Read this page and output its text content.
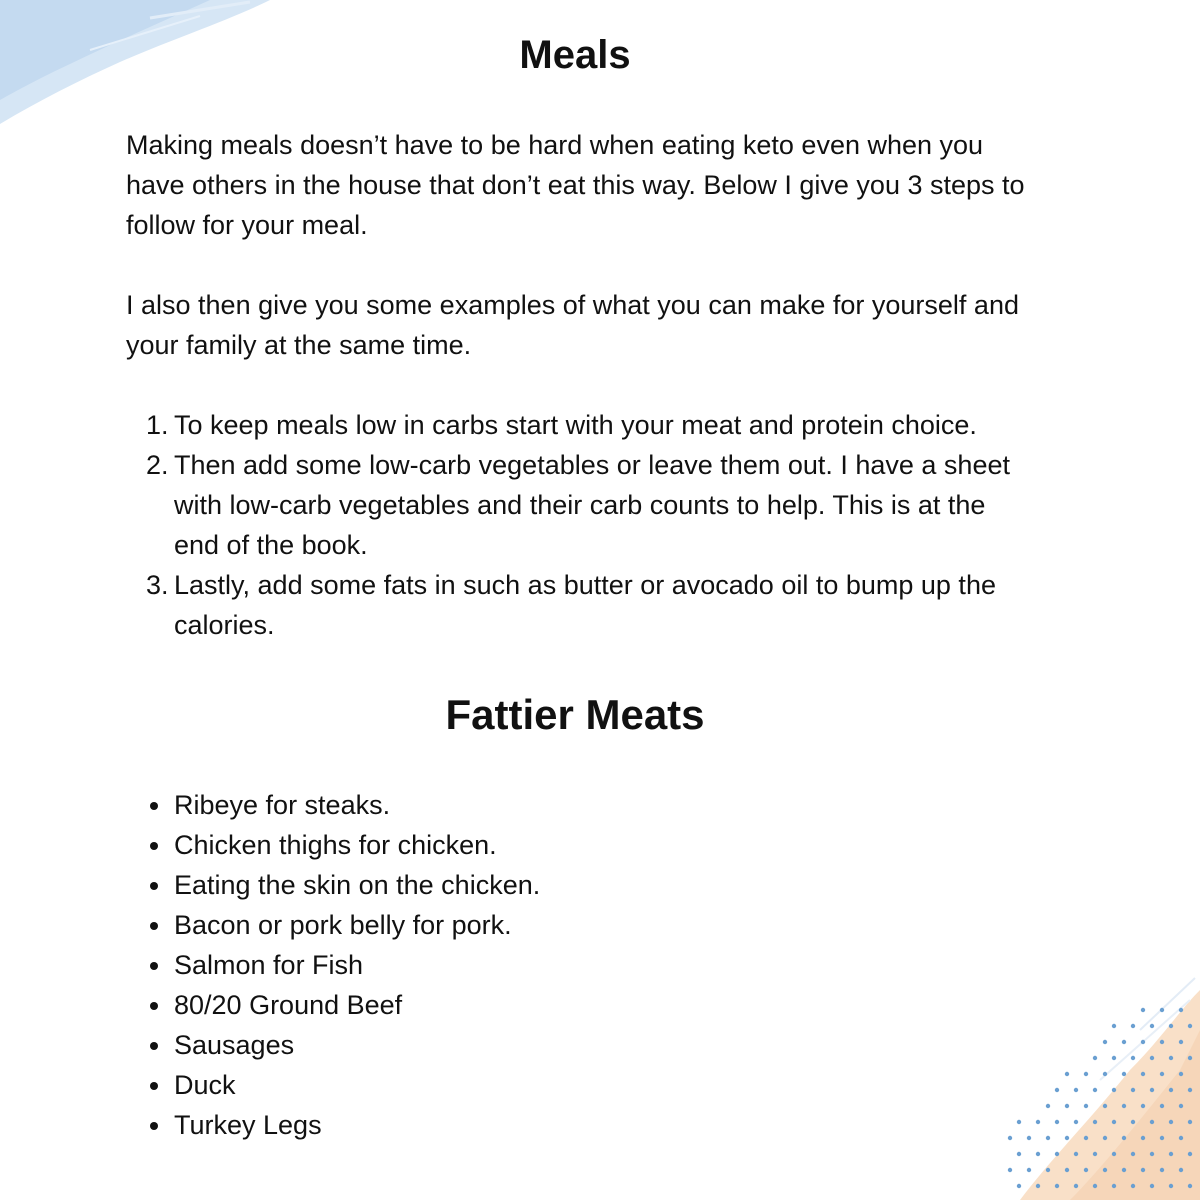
Meals

Making meals doesn’t have to be hard when eating keto even when you have others in the house that don’t eat this way. Below I give you 3 steps to follow for your meal.

I also then give you some examples of what you can make for yourself and your family at the same time.

1. To keep meals low in carbs start with your meat and protein choice.
2. Then add some low-carb vegetables or leave them out. I have a sheet with low-carb vegetables and their carb counts to help. This is at the end of the book.
3. Lastly, add some fats in such as butter or avocado oil to bump up the calories.
Fattier Meats
Ribeye for steaks.
Chicken thighs for chicken.
Eating the skin on the chicken.
Bacon or pork belly for pork.
Salmon for Fish
80/20 Ground Beef
Sausages
Duck
Turkey Legs
